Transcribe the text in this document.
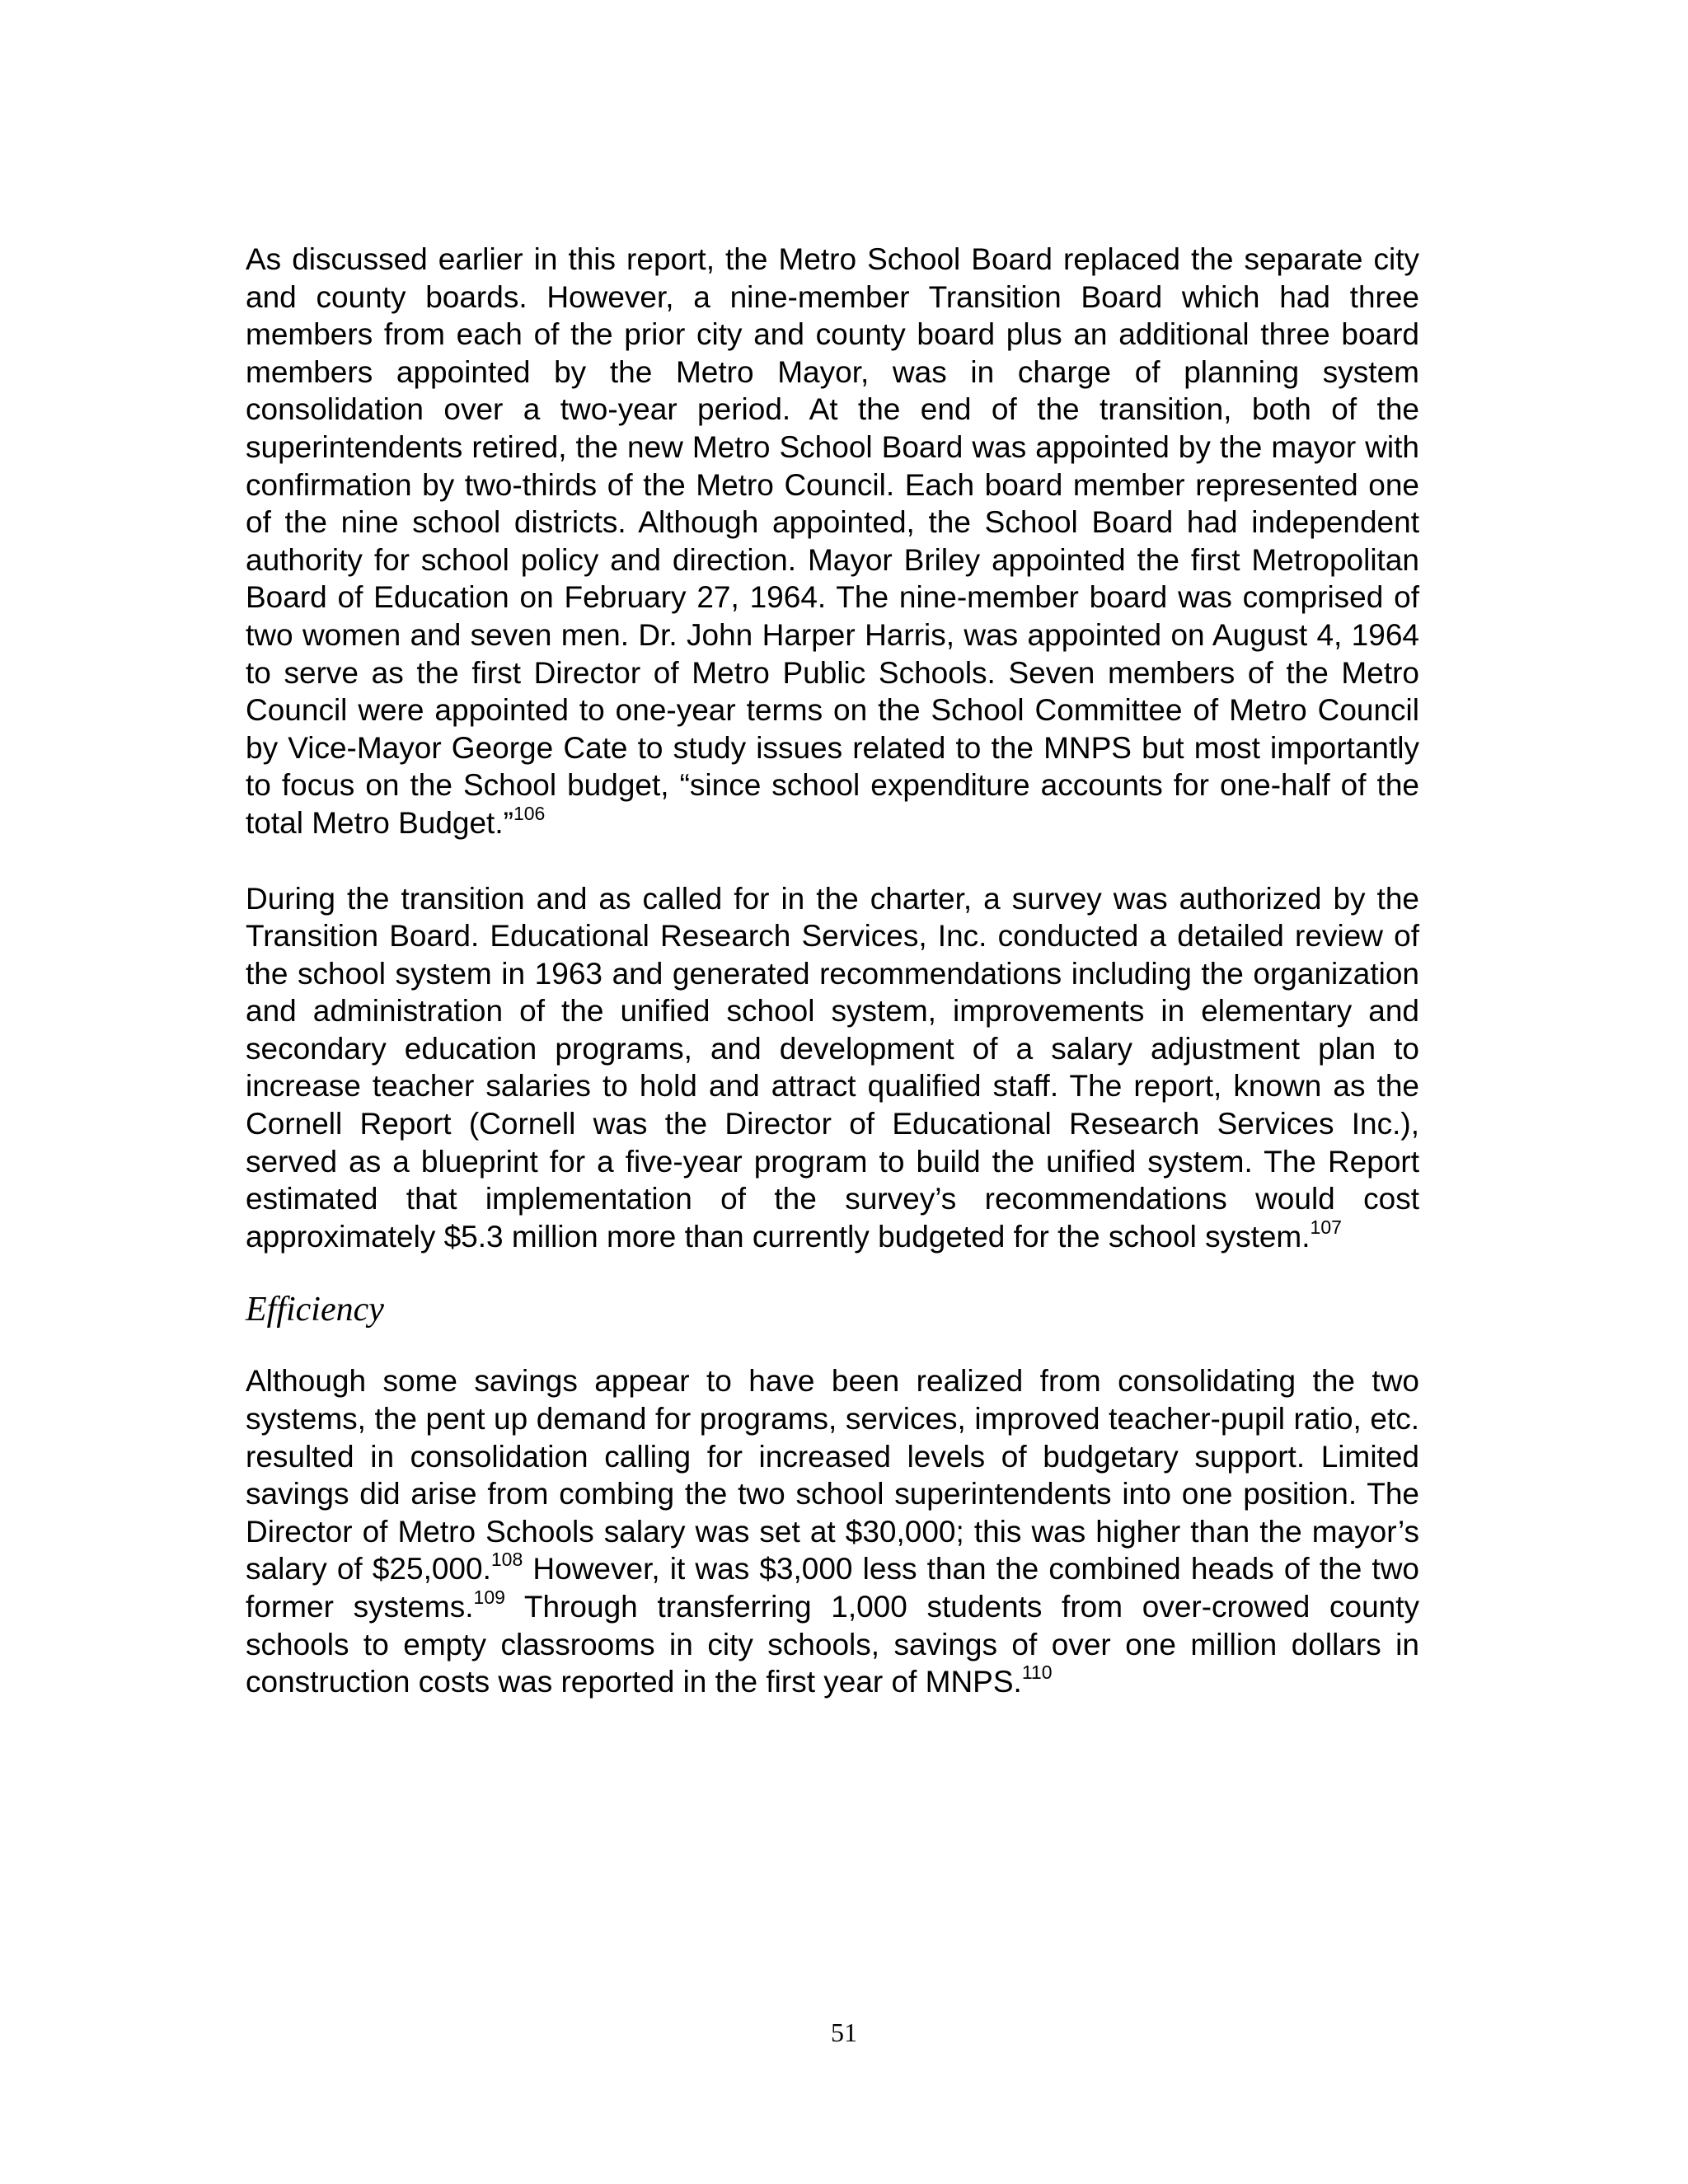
As discussed earlier in this report, the Metro School Board replaced the separate city and county boards. However, a nine-member Transition Board which had three members from each of the prior city and county board plus an additional three board members appointed by the Metro Mayor, was in charge of planning system consolidation over a two-year period. At the end of the transition, both of the superintendents retired, the new Metro School Board was appointed by the mayor with confirmation by two-thirds of the Metro Council. Each board member represented one of the nine school districts. Although appointed, the School Board had independent authority for school policy and direction. Mayor Briley appointed the first Metropolitan Board of Education on February 27, 1964. The nine-member board was comprised of two women and seven men. Dr. John Harper Harris, was appointed on August 4, 1964 to serve as the first Director of Metro Public Schools. Seven members of the Metro Council were appointed to one-year terms on the School Committee of Metro Council by Vice-Mayor George Cate to study issues related to the MNPS but most importantly to focus on the School budget, “since school expenditure accounts for one-half of the total Metro Budget.”$^{106}$

During the transition and as called for in the charter, a survey was authorized by the Transition Board. Educational Research Services, Inc. conducted a detailed review of the school system in 1963 and generated recommendations including the organization and administration of the unified school system, improvements in elementary and secondary education programs, and development of a salary adjustment plan to increase teacher salaries to hold and attract qualified staff. The report, known as the Cornell Report (Cornell was the Director of Educational Research Services Inc.), served as a blueprint for a five-year program to build the unified system. The Report estimated that implementation of the survey’s recommendations would cost approximately $5.3 million more than currently budgeted for the school system.$^{107}$

Efficiency

Although some savings appear to have been realized from consolidating the two systems, the pent up demand for programs, services, improved teacher-pupil ratio, etc. resulted in consolidation calling for increased levels of budgetary support. Limited savings did arise from combing the two school superintendents into one position. The Director of Metro Schools salary was set at $30,000; this was higher than the mayor’s salary of $25,000.$^{108}$ However, it was $3,000 less than the combined heads of the two former systems.$^{109}$ Through transferring 1,000 students from over-crowed county schools to empty classrooms in city schools, savings of over one million dollars in construction costs was reported in the first year of MNPS.$^{110}$

51
